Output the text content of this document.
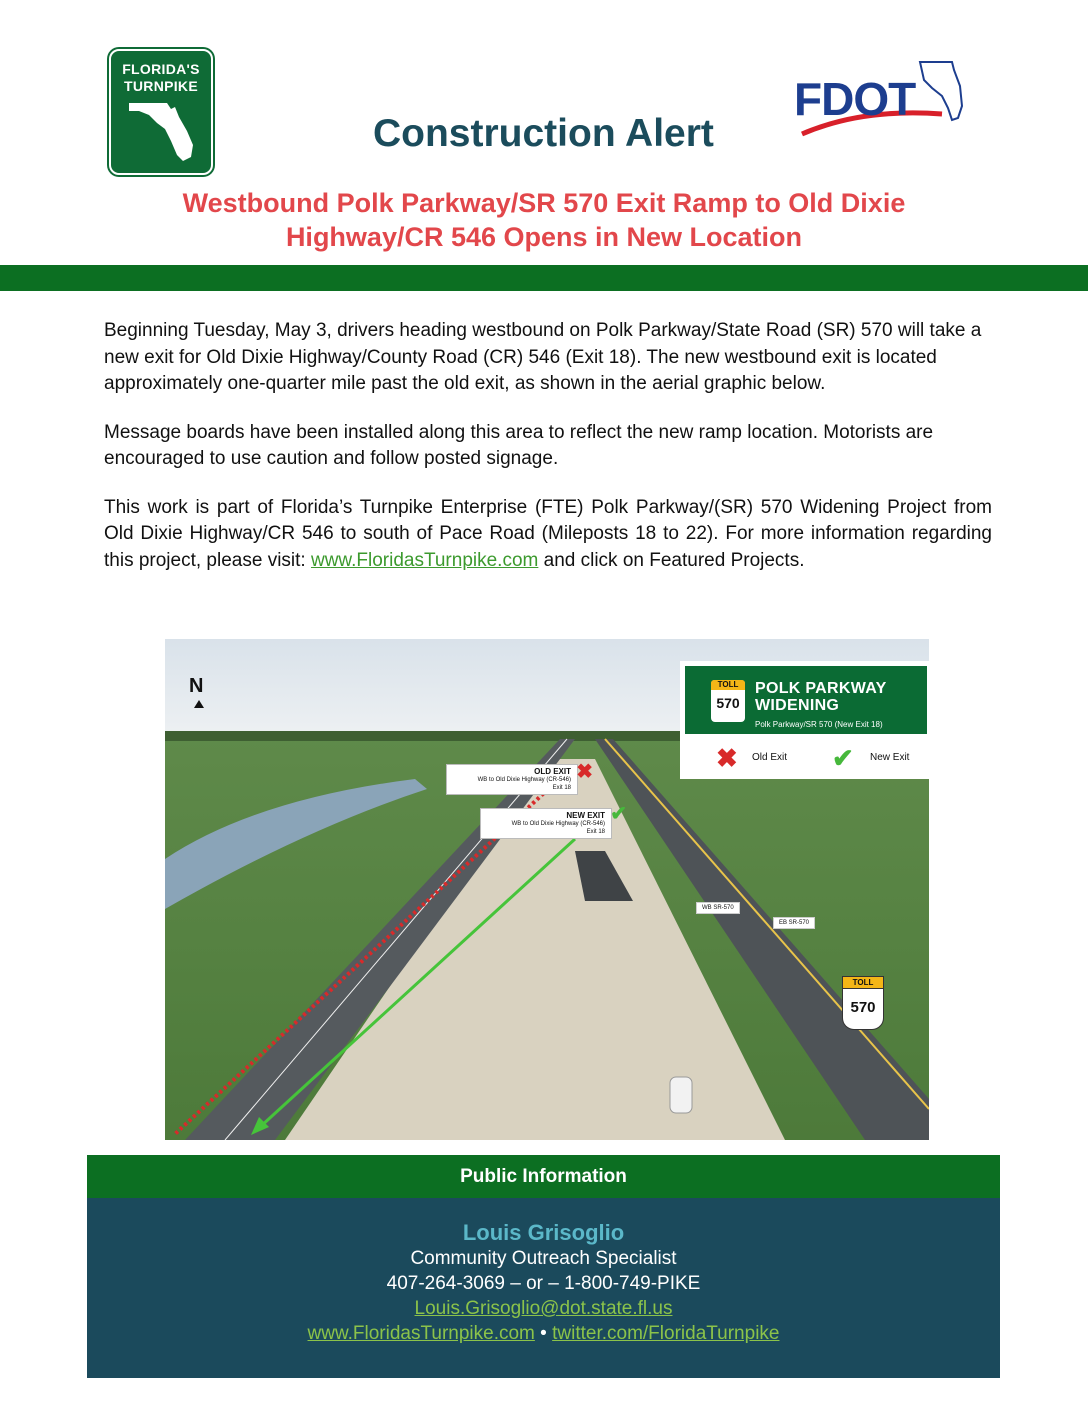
FLORIDA'S TURNPIKE	FDOT
Construction Alert
Westbound Polk Parkway/SR 570 Exit Ramp to Old Dixie
Highway/CR 546 Opens in New Location

Beginning Tuesday, May 3, drivers heading westbound on Polk Parkway/State Road (SR) 570 will take a new exit for Old Dixie Highway/County Road (CR) 546 (Exit 18). The new westbound exit is located approximately one-quarter mile past the old exit, as shown in the aerial graphic below.

Message boards have been installed along this area to reflect the new ramp location. Motorists are encouraged to use caution and follow posted signage.

This work is part of Florida’s Turnpike Enterprise (FTE) Polk Parkway/(SR) 570 Widening Project from Old Dixie Highway/CR 546 to south of Pace Road (Mileposts 18 to 22). For more information regarding this project, please visit: www.FloridasTurnpike.com and click on Featured Projects.

N	TOLL
570
POLK PARKWAY
WIDENING
Polk Parkway/SR 570 (New Exit 18)
✖ Old Exit ✔ New Exit
OLD EXIT
WB to Old Dixie Highway (CR-546)
Exit 18
✖
NEW EXIT
WB to Old Dixie Highway (CR-546)
Exit 18
✔
WB SR-570
EB SR-570
TOLL
570
Public Information
Louis Grisoglio
Community Outreach Specialist
407-264-3069 – or – 1-800-749-PIKE
Louis.Grisoglio@dot.state.fl.us
www.FloridasTurnpike.com • twitter.com/FloridaTurnpike
